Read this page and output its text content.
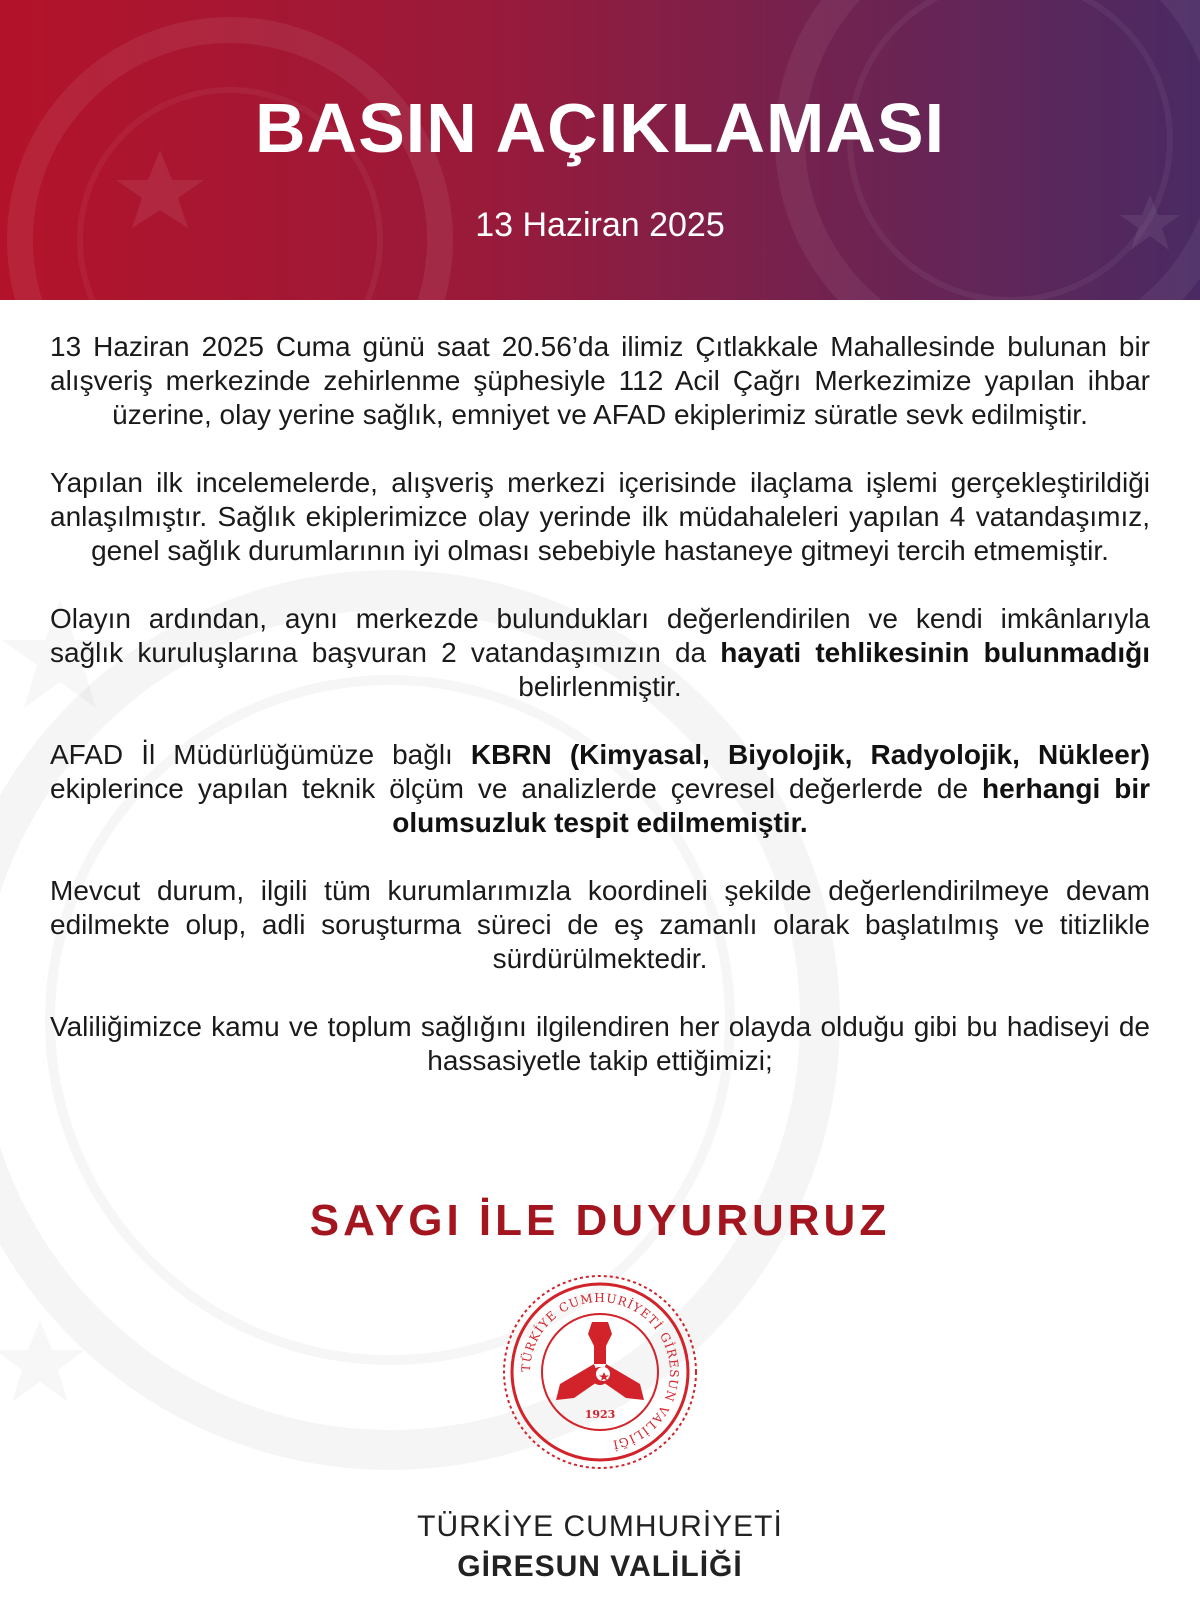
BASIN AÇIKLAMASI
13 Haziran 2025

13 Haziran 2025 Cuma günü saat 20.56’da ilimiz Çıtlakkale Mahallesinde bulunan bir alışveriş merkezinde zehirlenme şüphesiyle 112 Acil Çağrı Merkezimize yapılan ihbar üzerine, olay yerine sağlık, emniyet ve AFAD ekiplerimiz süratle sevk edilmiştir.

Yapılan ilk incelemelerde, alışveriş merkezi içerisinde ilaçlama işlemi gerçekleştirildiği anlaşılmıştır. Sağlık ekiplerimizce olay yerinde ilk müdahaleleri yapılan 4 vatandaşımız, genel sağlık durumlarının iyi olması sebebiyle hastaneye gitmeyi tercih etmemiştir.

Olayın ardından, aynı merkezde bulundukları değerlendirilen ve kendi imkânlarıyla sağlık kuruluşlarına başvuran 2 vatandaşımızın da hayati tehlikesinin bulunmadığı belirlenmiştir.

AFAD İl Müdürlüğümüze bağlı KBRN (Kimyasal, Biyolojik, Radyolojik, Nükleer) ekiplerince yapılan teknik ölçüm ve analizlerde çevresel değerlerde de herhangi bir olumsuzluk tespit edilmemiştir.

Mevcut durum, ilgili tüm kurumlarımızla koordineli şekilde değerlendirilmeye devam edilmekte olup, adli soruşturma süreci de eş zamanlı olarak başlatılmış ve titizlikle sürdürülmektedir.

Valiliğimizce kamu ve toplum sağlığını ilgilendiren her olayda olduğu gibi bu hadiseyi de hassasiyetle takip ettiğimizi;

SAYGI İLE DUYURURUZ
TÜRKİYE CUMHURİYETİ GİRESUN VALİLİĞİ
1923
TÜRKİYE CUMHURİYETİ
GİRESUN VALİLİĞİ
